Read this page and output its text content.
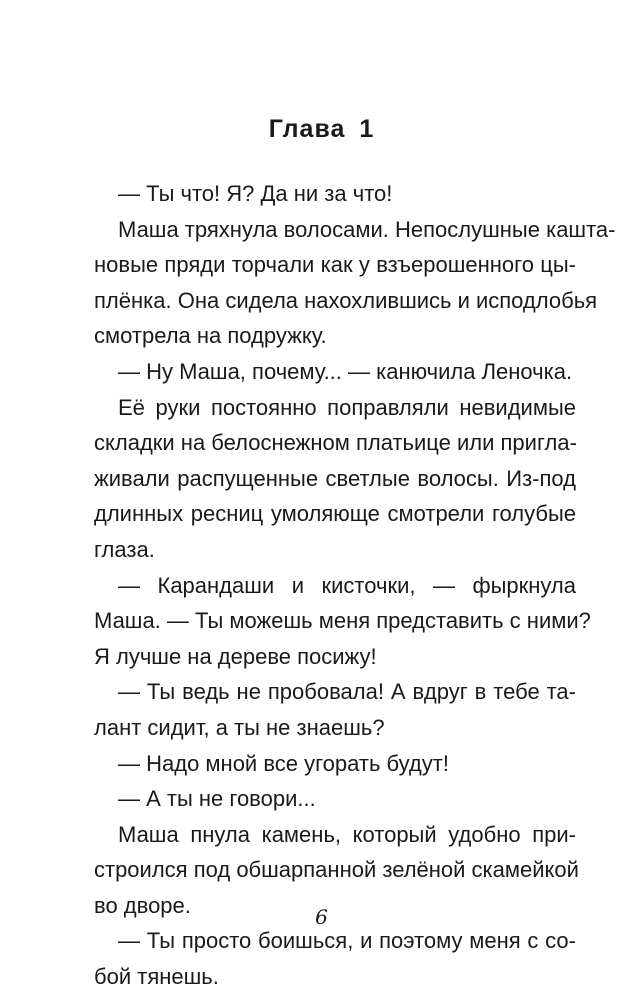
Глава 1
— Ты что! Я? Да ни за что!
Маша тряхнула волосами. Непослушные кашта-
новые пряди торчали как у взъерошенного цы-
плёнка. Она сидела нахохлившись и исподлобья
смотрела на подружку.
— Ну Маша, почему... — канючила Леночка.
Её руки постоянно поправляли невидимые
складки на белоснежном платьице или пригла-
живали распущенные светлые волосы. Из-под
длинных ресниц умоляюще смотрели голубые
глаза.
— Карандаши и кисточки, — фыркнула
Маша. — Ты можешь меня представить с ними?
Я лучше на дереве посижу!
— Ты ведь не пробовала! А вдруг в тебе та-
лант сидит, а ты не знаешь?
— Надо мной все угорать будут!
— А ты не говори...
Маша пнула камень, который удобно при-
строился под обшарпанной зелёной скамейкой
во дворе.
— Ты просто боишься, и поэтому меня с со-
бой тянешь.
6
